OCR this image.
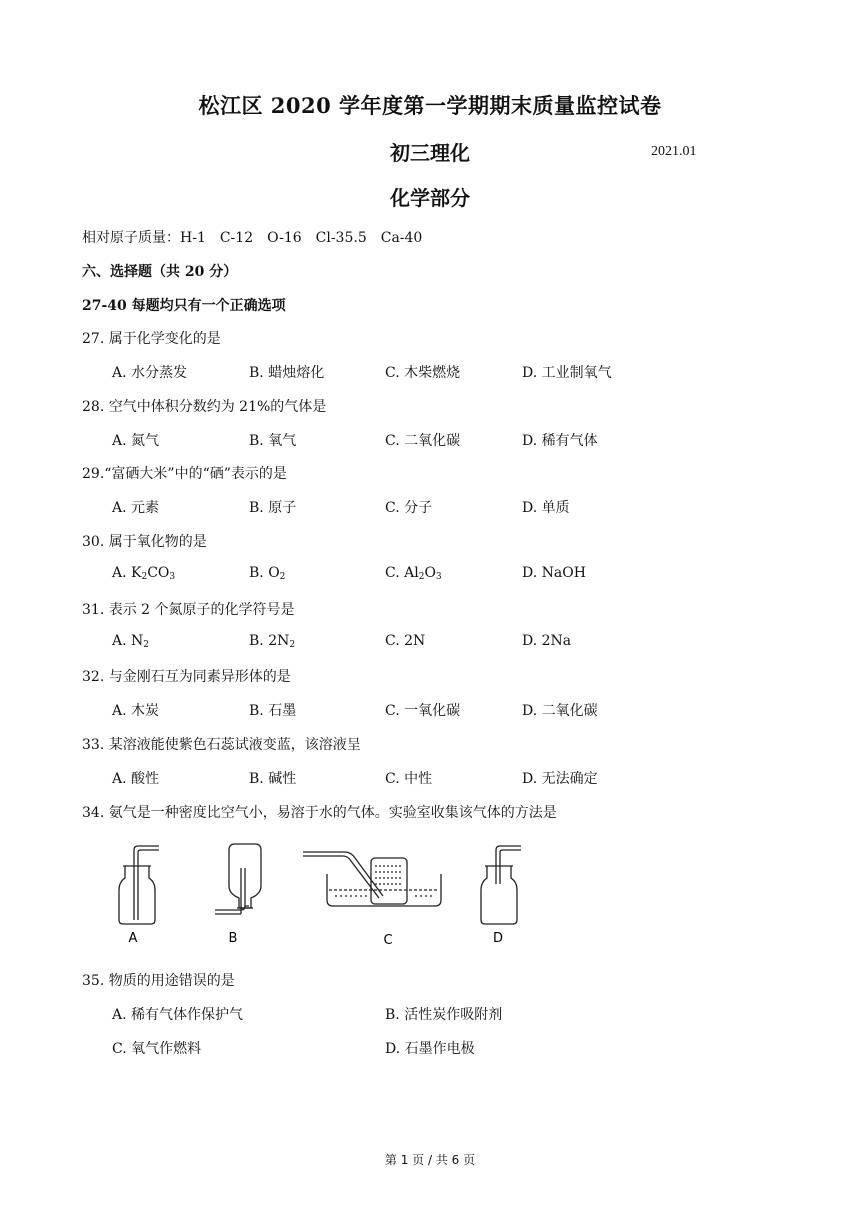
松江区 2020 学年度第一学期期末质量监控试卷
初三理化	2021.01
化学部分
相对原子质量：H-1　C-12　O-16　Cl-35.5　Ca-40
六、选择题（共 20 分）
27-40 每题均只有一个正确选项
27. 属于化学变化的是
A. 水分蒸发	B. 蜡烛熔化	C. 木柴燃烧	D. 工业制氧气
28. 空气中体积分数约为 21%的气体是
A. 氮气	B. 氧气	C. 二氧化碳	D. 稀有气体
29.“富硒大米”中的“硒”表示的是
A. 元素	B. 原子	C. 分子	D. 单质
30. 属于氧化物的是
A. $K_2CO_3$	B. $O_2$	C. $Al_2O_3$	D. NaOH
31. 表示 2 个氮原子的化学符号是
A. $N_2$	B. $2N_2$	C. 2N	D. 2Na
32. 与金刚石互为同素异形体的是
A. 木炭	B. 石墨	C. 一氧化碳	D. 二氧化碳
33. 某溶液能使紫色石蕊试液变蓝，该溶液呈
A. 酸性	B. 碱性	C. 中性	D. 无法确定
34. 氨气是一种密度比空气小，易溶于水的气体。实验室收集该气体的方法是
A	B	C	D
35. 物质的用途错误的是
A. 稀有气体作保护气	B. 活性炭作吸附剂
C. 氧气作燃料	D. 石墨作电极
第 1 页 / 共 6 页
